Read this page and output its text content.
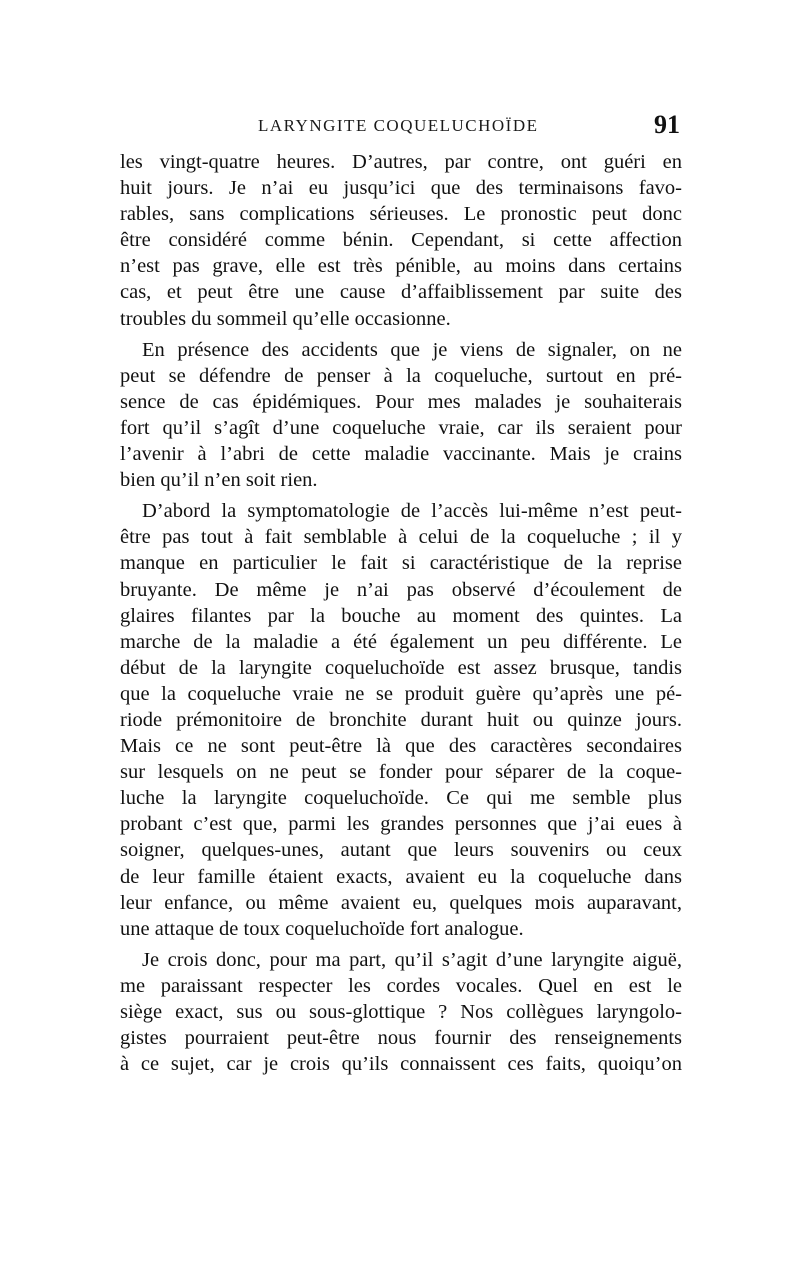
LARYNGITE COQUELUCHOÏDE	91
les vingt-quatre heures. D’autres, par contre, ont guéri en
huit jours. Je n’ai eu jusqu’ici que des terminaisons favo-
rables, sans complications sérieuses. Le pronostic peut donc
être considéré comme bénin. Cependant, si cette affection
n’est pas grave, elle est très pénible, au moins dans certains
cas, et peut être une cause d’affaiblissement par suite des
troubles du sommeil qu’elle occasionne.
En présence des accidents que je viens de signaler, on ne
peut se défendre de penser à la coqueluche, surtout en pré-
sence de cas épidémiques. Pour mes malades je souhaiterais
fort qu’il s’agît d’une coqueluche vraie, car ils seraient pour
l’avenir à l’abri de cette maladie vaccinante. Mais je crains
bien qu’il n’en soit rien.
D’abord la symptomatologie de l’accès lui-même n’est peut-
être pas tout à fait semblable à celui de la coqueluche ; il y
manque en particulier le fait si caractéristique de la reprise
bruyante. De même je n’ai pas observé d’écoulement de
glaires filantes par la bouche au moment des quintes. La
marche de la maladie a été également un peu différente. Le
début de la laryngite coqueluchoïde est assez brusque, tandis
que la coqueluche vraie ne se produit guère qu’après une pé-
riode prémonitoire de bronchite durant huit ou quinze jours.
Mais ce ne sont peut-être là que des caractères secondaires
sur lesquels on ne peut se fonder pour séparer de la coque-
luche la laryngite coqueluchoïde. Ce qui me semble plus
probant c’est que, parmi les grandes personnes que j’ai eues à
soigner, quelques-unes, autant que leurs souvenirs ou ceux
de leur famille étaient exacts, avaient eu la coqueluche dans
leur enfance, ou même avaient eu, quelques mois auparavant,
une attaque de toux coqueluchoïde fort analogue.
Je crois donc, pour ma part, qu’il s’agit d’une laryngite aiguë,
me paraissant respecter les cordes vocales. Quel en est le
siège exact, sus ou sous-glottique ? Nos collègues laryngolo-
gistes pourraient peut-être nous fournir des renseignements
à ce sujet, car je crois qu’ils connaissent ces faits, quoiqu’on
